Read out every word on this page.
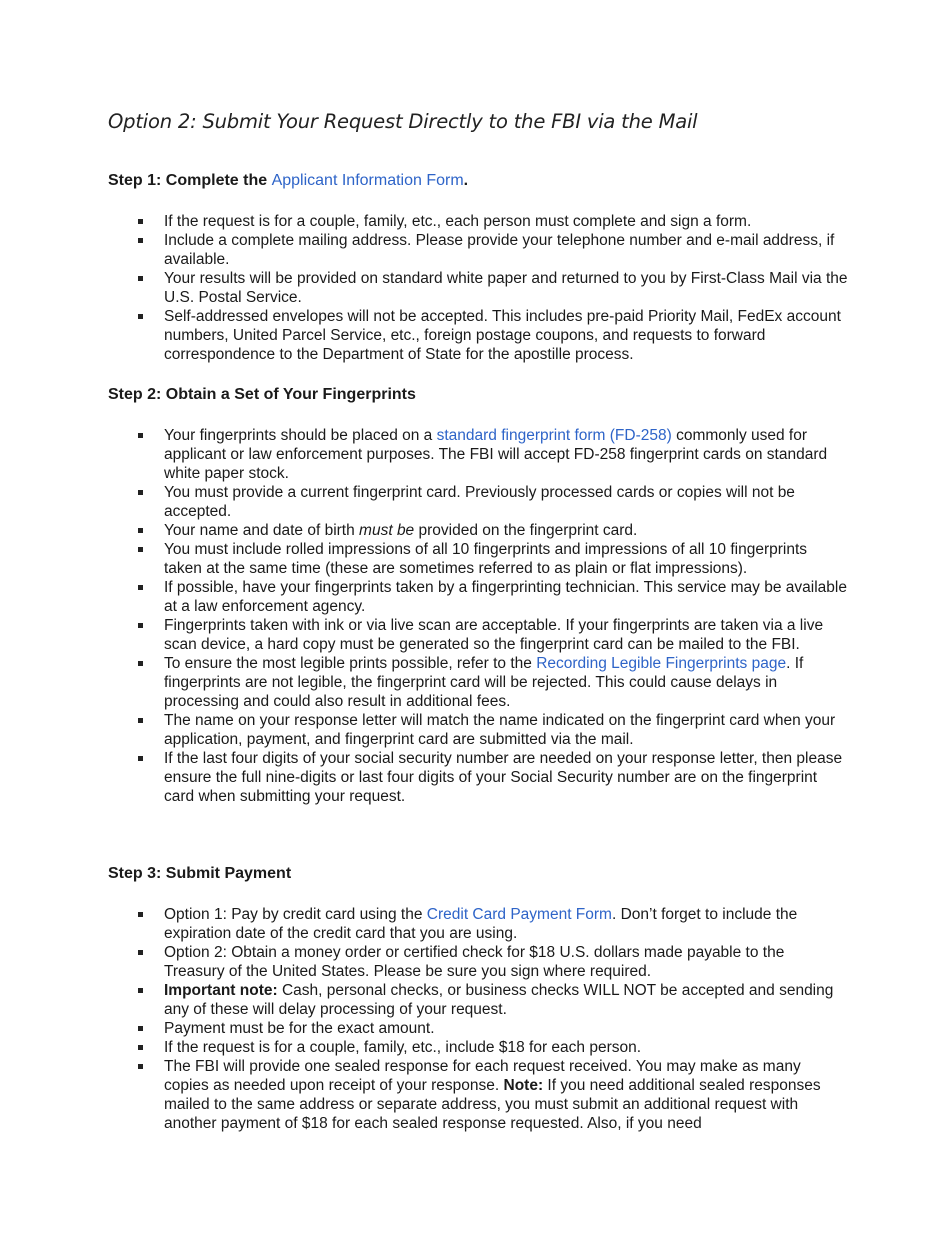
Option 2: Submit Your Request Directly to the FBI via the Mail
Step 1: Complete the Applicant Information Form.
If the request is for a couple, family, etc., each person must complete and sign a form.
Include a complete mailing address. Please provide your telephone number and e-mail address, if available.
Your results will be provided on standard white paper and returned to you by First-Class Mail via the U.S. Postal Service.
Self-addressed envelopes will not be accepted. This includes pre-paid Priority Mail, FedEx account numbers, United Parcel Service, etc., foreign postage coupons, and requests to forward correspondence to the Department of State for the apostille process.
Step 2: Obtain a Set of Your Fingerprints
Your fingerprints should be placed on a standard fingerprint form (FD-258) commonly used for applicant or law enforcement purposes. The FBI will accept FD-258 fingerprint cards on standard white paper stock.
You must provide a current fingerprint card. Previously processed cards or copies will not be accepted.
Your name and date of birth must be provided on the fingerprint card.
You must include rolled impressions of all 10 fingerprints and impressions of all 10 fingerprints taken at the same time (these are sometimes referred to as plain or flat impressions).
If possible, have your fingerprints taken by a fingerprinting technician. This service may be available at a law enforcement agency.
Fingerprints taken with ink or via live scan are acceptable. If your fingerprints are taken via a live scan device, a hard copy must be generated so the fingerprint card can be mailed to the FBI.
To ensure the most legible prints possible, refer to the Recording Legible Fingerprints page. If fingerprints are not legible, the fingerprint card will be rejected. This could cause delays in processing and could also result in additional fees.
The name on your response letter will match the name indicated on the fingerprint card when your application, payment, and fingerprint card are submitted via the mail.
If the last four digits of your social security number are needed on your response letter, then please ensure the full nine-digits or last four digits of your Social Security number are on the fingerprint card when submitting your request.
Step 3: Submit Payment
Option 1: Pay by credit card using the Credit Card Payment Form. Don’t forget to include the expiration date of the credit card that you are using.
Option 2: Obtain a money order or certified check for $18 U.S. dollars made payable to the Treasury of the United States. Please be sure you sign where required.
Important note: Cash, personal checks, or business checks WILL NOT be accepted and sending any of these will delay processing of your request.
Payment must be for the exact amount.
If the request is for a couple, family, etc., include $18 for each person.
The FBI will provide one sealed response for each request received. You may make as many copies as needed upon receipt of your response. Note: If you need additional sealed responses mailed to the same address or separate address, you must submit an additional request with another payment of $18 for each sealed response requested. Also, if you need
